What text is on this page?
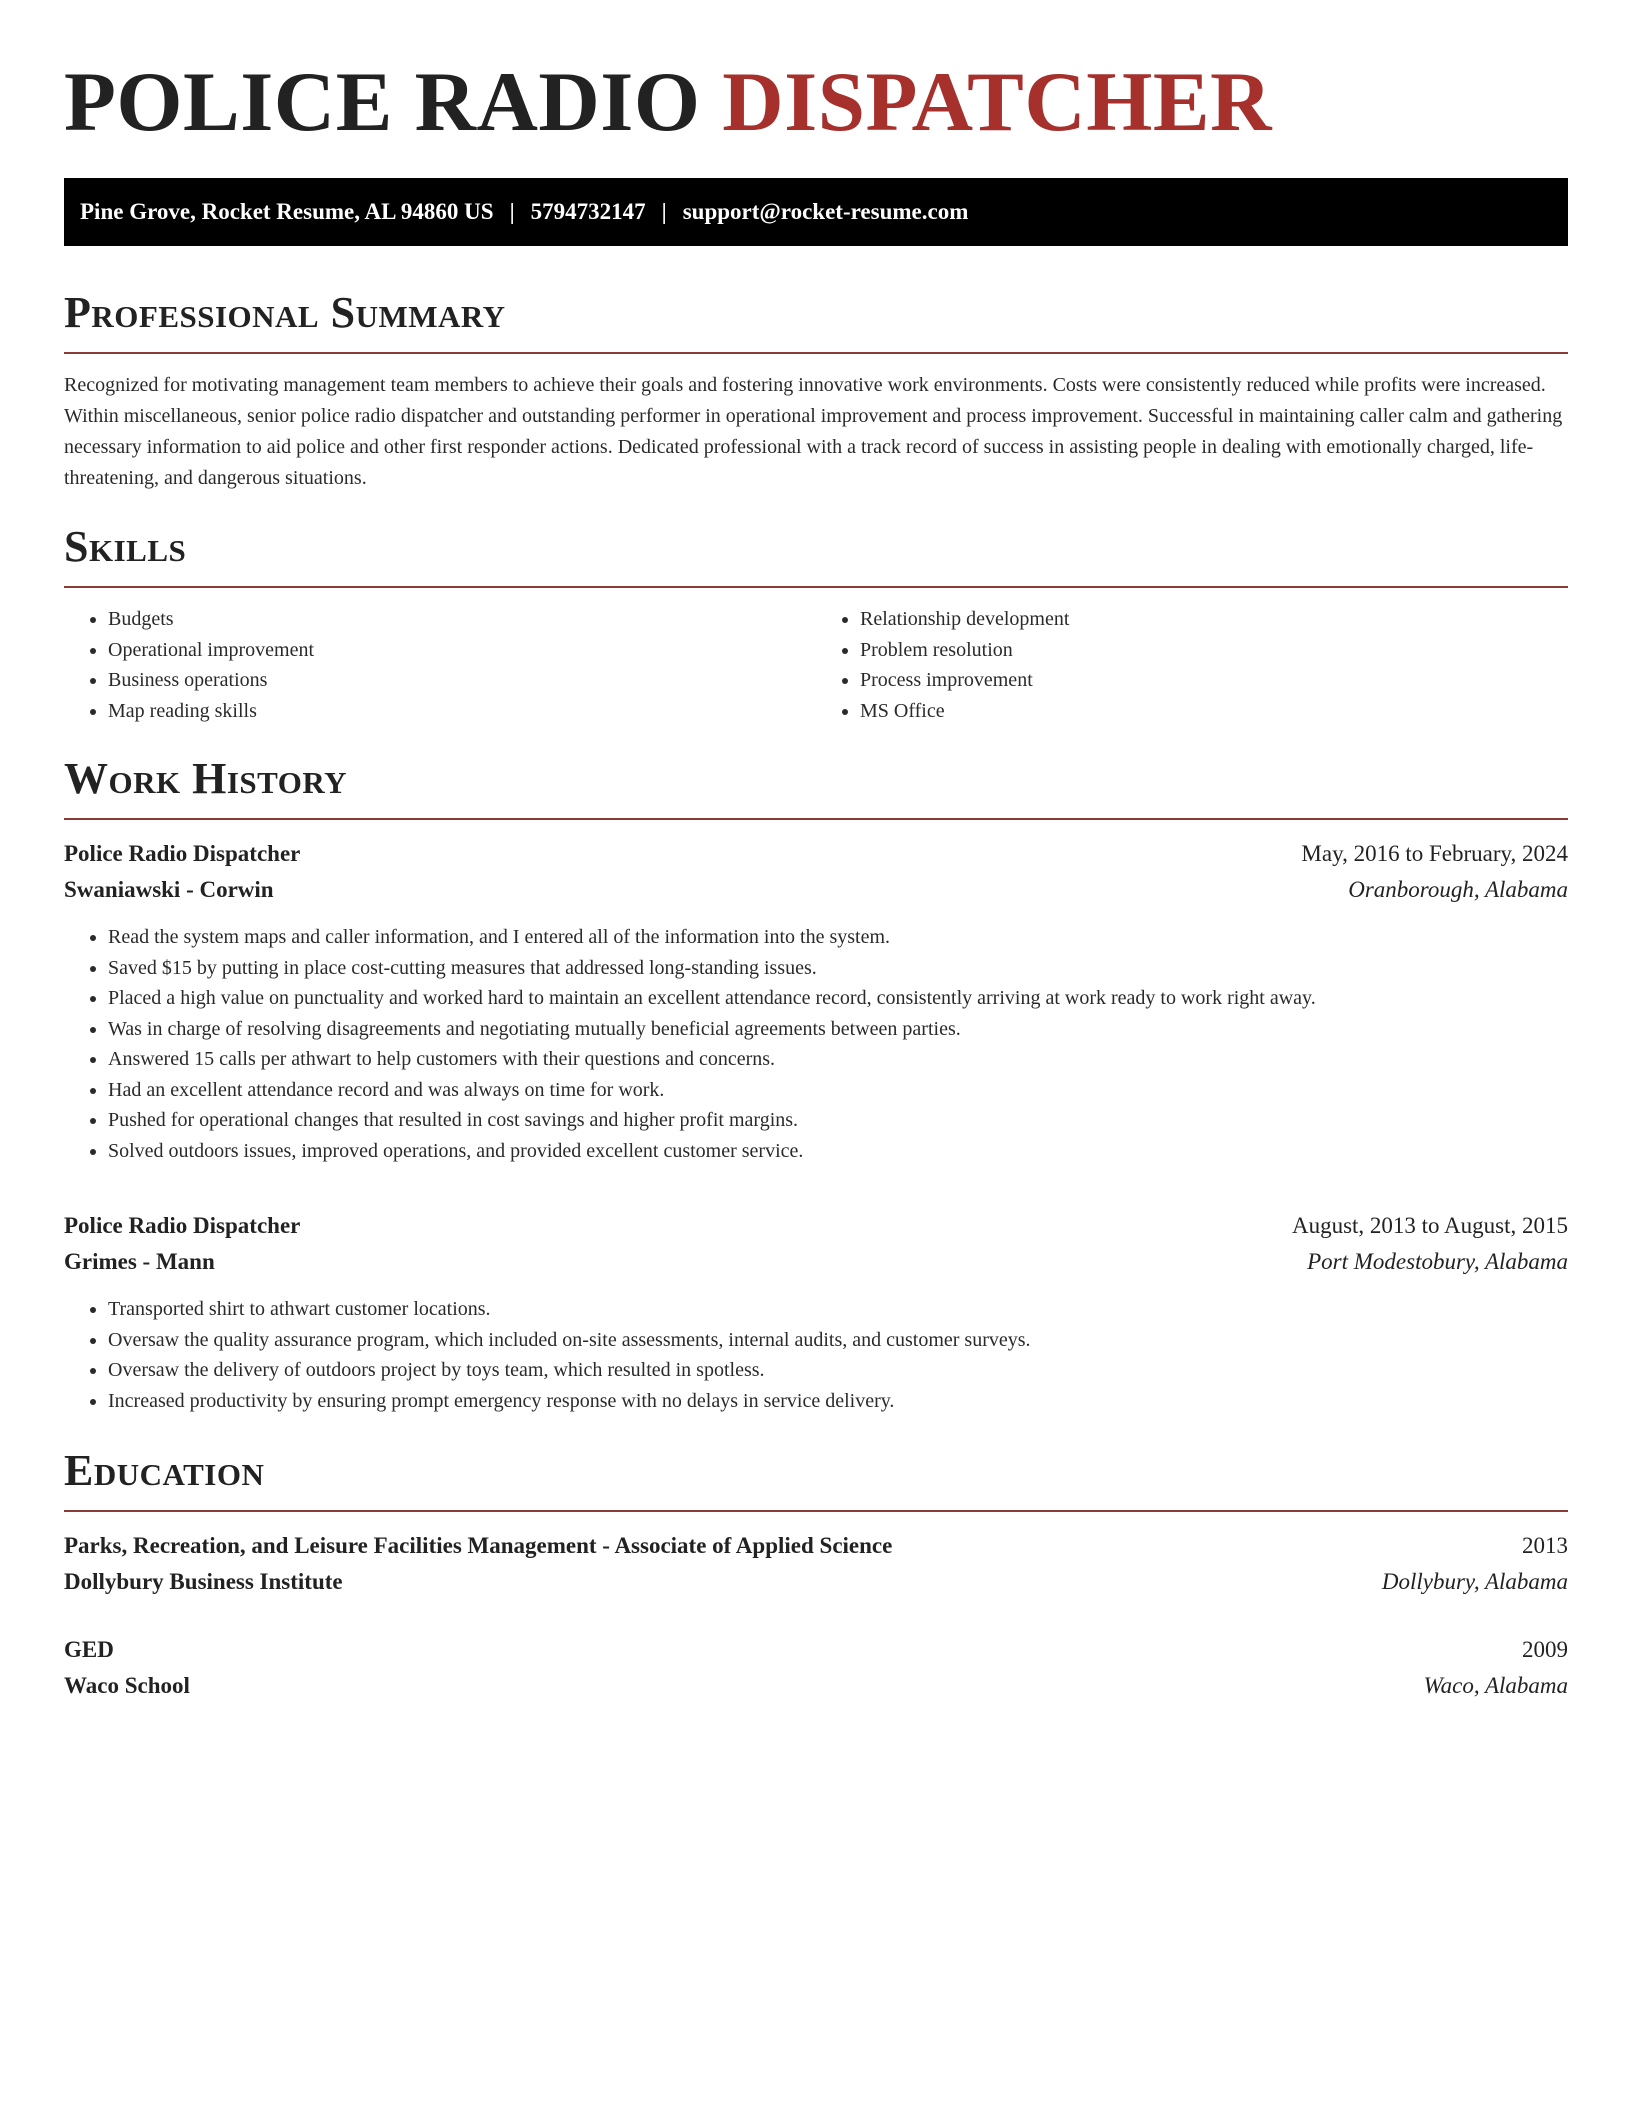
POLICE RADIO DISPATCHER
Pine Grove, Rocket Resume, AL 94860 US | 5794732147 | support@rocket-resume.com
Professional Summary

Recognized for motivating management team members to achieve their goals and fostering innovative work environments. Costs were consistently reduced while profits were increased. Within miscellaneous, senior police radio dispatcher and outstanding performer in operational improvement and process improvement. Successful in maintaining caller calm and gathering necessary information to aid police and other first responder actions. Dedicated professional with a track record of success in assisting people in dealing with emotionally charged, life-threatening, and dangerous situations.

Skills
• Budgets
• Operational improvement
• Business operations
• Map reading skills
• Relationship development
• Problem resolution
• Process improvement
• MS Office
Work History
Police Radio Dispatcher	May, 2016 to February, 2024
Swaniawski - Corwin	Oranborough, Alabama
• Read the system maps and caller information, and I entered all of the information into the system.
• Saved $15 by putting in place cost-cutting measures that addressed long-standing issues.
• Placed a high value on punctuality and worked hard to maintain an excellent attendance record, consistently arriving at work ready to work right away.
• Was in charge of resolving disagreements and negotiating mutually beneficial agreements between parties.
• Answered 15 calls per athwart to help customers with their questions and concerns.
• Had an excellent attendance record and was always on time for work.
• Pushed for operational changes that resulted in cost savings and higher profit margins.
• Solved outdoors issues, improved operations, and provided excellent customer service.
Police Radio Dispatcher	August, 2013 to August, 2015
Grimes - Mann	Port Modestobury, Alabama
• Transported shirt to athwart customer locations.
• Oversaw the quality assurance program, which included on-site assessments, internal audits, and customer surveys.
• Oversaw the delivery of outdoors project by toys team, which resulted in spotless.
• Increased productivity by ensuring prompt emergency response with no delays in service delivery.
Education
Parks, Recreation, and Leisure Facilities Management - Associate of Applied Science	2013
Dollybury Business Institute	Dollybury, Alabama
GED	2009
Waco School	Waco, Alabama
